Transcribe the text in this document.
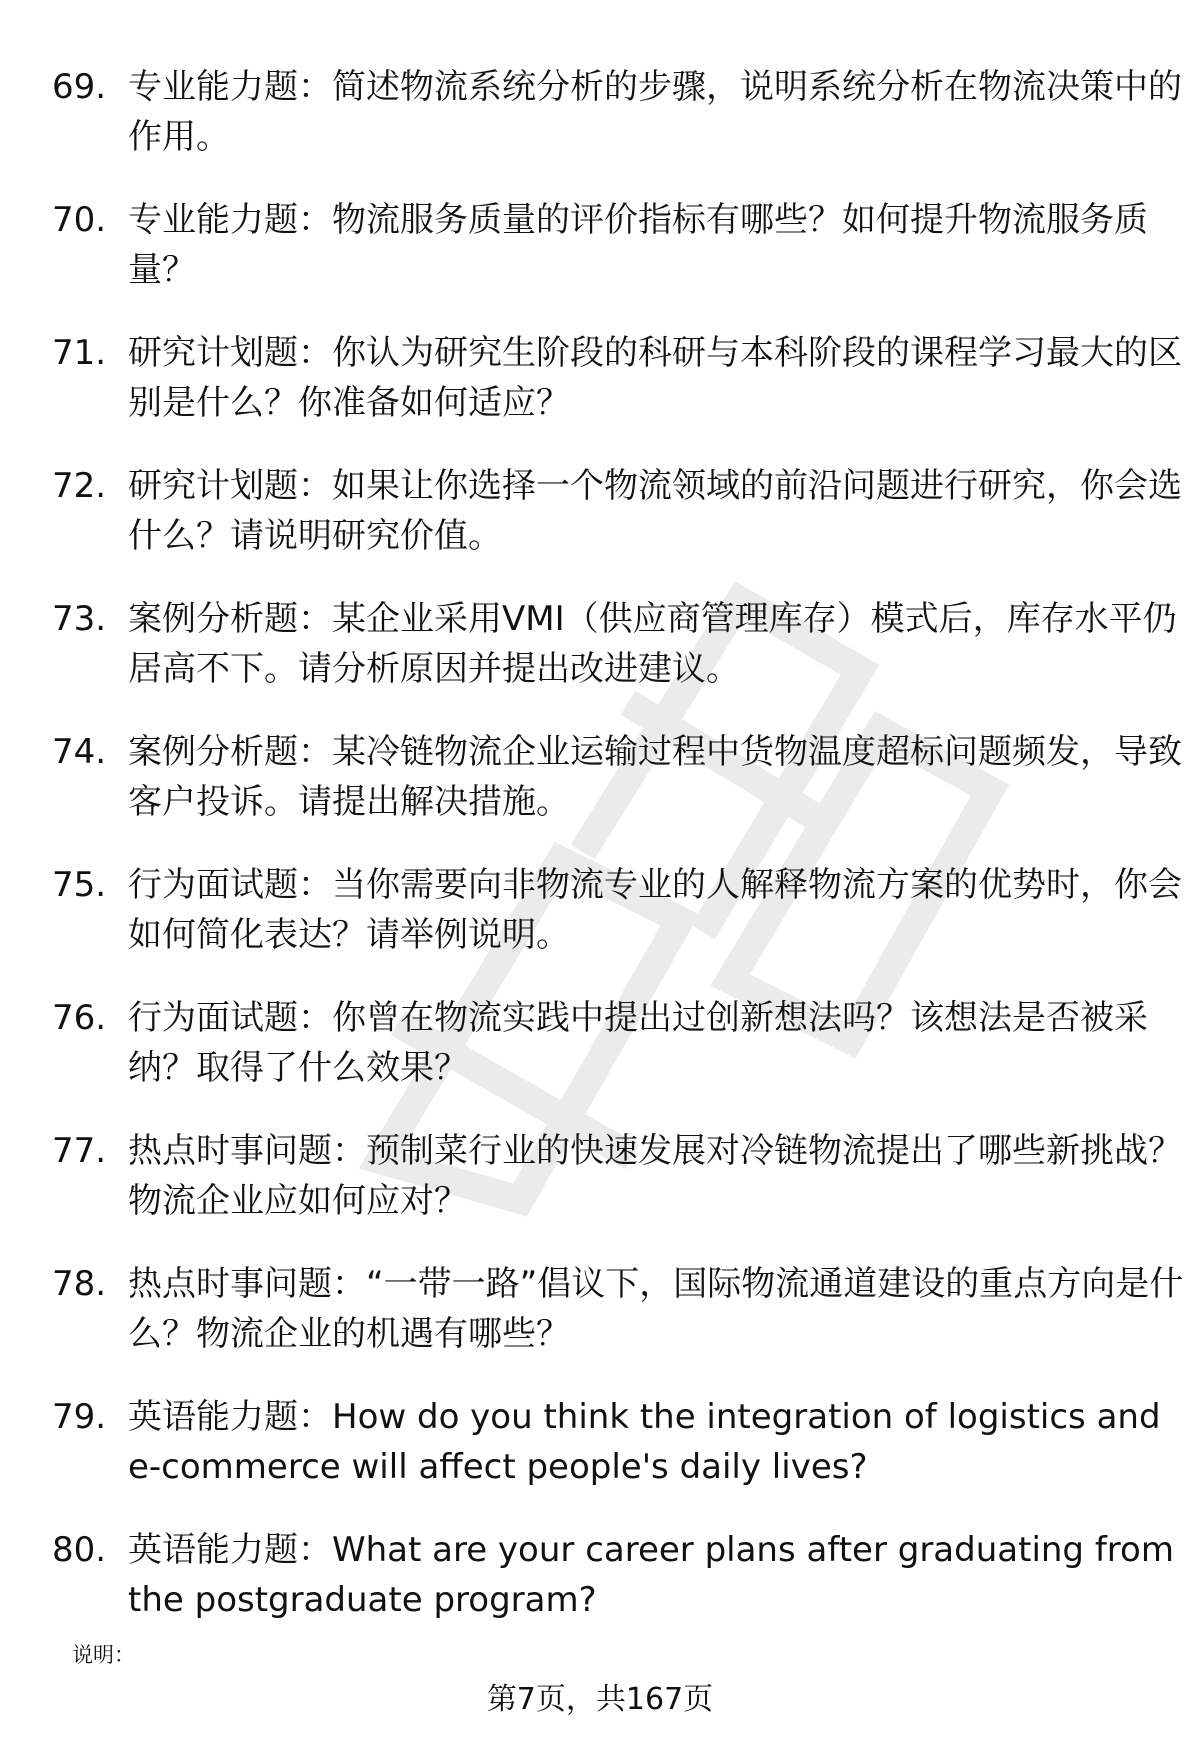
69. 专业能力题：简述物流系统分析的步骤，说明系统分析在物流决策中的作用。
70. 专业能力题：物流服务质量的评价指标有哪些？如何提升物流服务质量？
71. 研究计划题：你认为研究生阶段的科研与本科阶段的课程学习最大的区别是什么？你准备如何适应？
72. 研究计划题：如果让你选择一个物流领域的前沿问题进行研究，你会选什么？请说明研究价值。
73. 案例分析题：某企业采用VMI（供应商管理库存）模式后，库存水平仍居高不下。请分析原因并提出改进建议。
74. 案例分析题：某冷链物流企业运输过程中货物温度超标问题频发，导致客户投诉。请提出解决措施。
75. 行为面试题：当你需要向非物流专业的人解释物流方案的优势时，你会如何简化表达？请举例说明。
76. 行为面试题：你曾在物流实践中提出过创新想法吗？该想法是否被采纳？取得了什么效果？
77. 热点时事问题：预制菜行业的快速发展对冷链物流提出了哪些新挑战？物流企业应如何应对？
78. 热点时事问题：“一带一路”倡议下，国际物流通道建设的重点方向是什么？物流企业的机遇有哪些？
79. 英语能力题：How do you think the integration of logistics and e-commerce will affect people's daily lives?
80. 英语能力题：What are your career plans after graduating from the postgraduate program?
说明：
第7页，共167页
